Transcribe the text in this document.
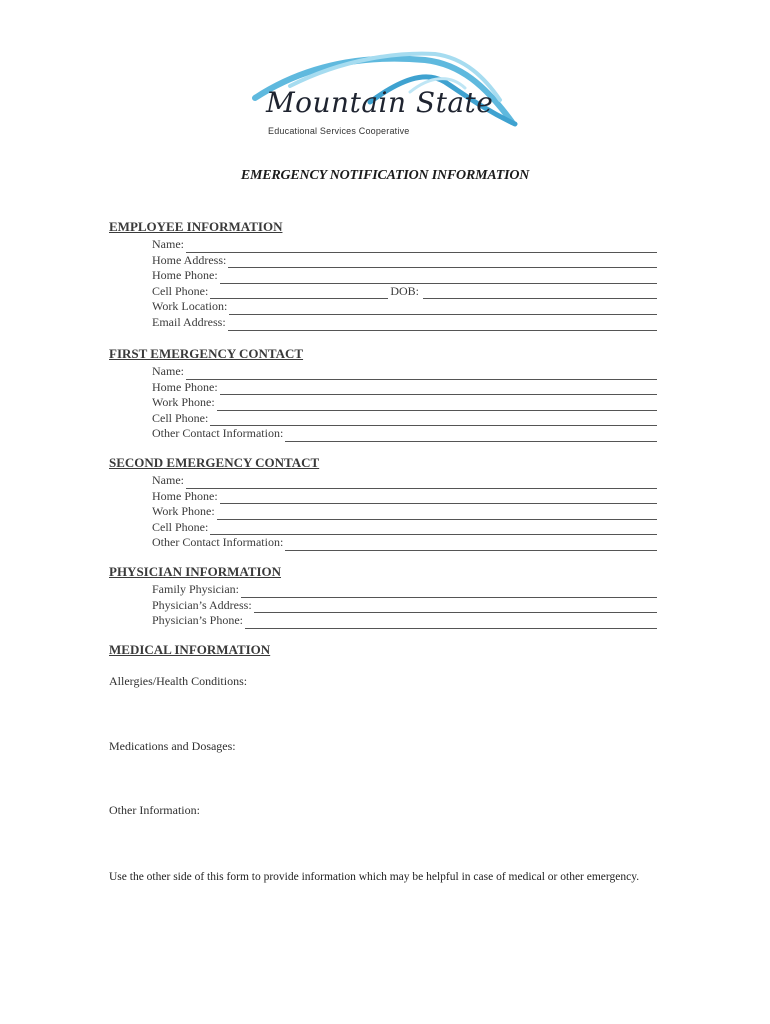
Mountain State
Educational Services Cooperative
EMERGENCY NOTIFICATION INFORMATION
EMPLOYEE INFORMATION
Name:
Home Address:
Home Phone:
Cell Phone:	DOB:
Work Location:
Email Address:
FIRST EMERGENCY CONTACT
Name:
Home Phone:
Work Phone:
Cell Phone:
Other Contact Information:
SECOND EMERGENCY CONTACT
Name:
Home Phone:
Work Phone:
Cell Phone:
Other Contact Information:
PHYSICIAN INFORMATION
Family Physician:
Physician’s Address:
Physician’s Phone:
MEDICAL INFORMATION
Allergies/Health Conditions:
Medications and Dosages:
Other Information:
Use the other side of this form to provide information which may be helpful in case of medical or other emergency.
